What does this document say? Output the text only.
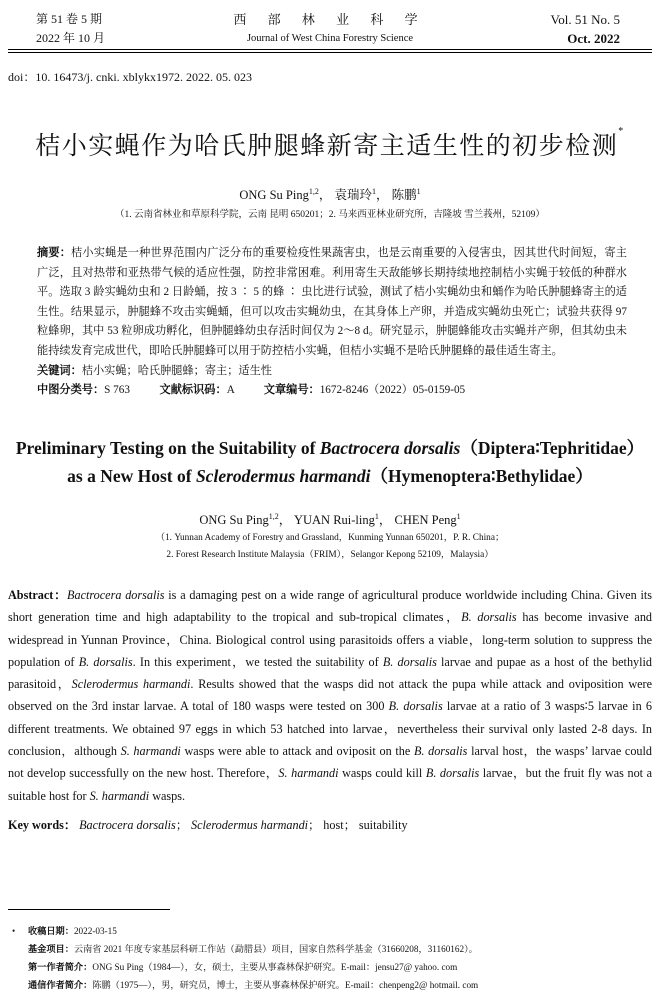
第 51 卷 5 期
2022 年 10 月
西 部 林 业 科 学
Journal of West China Forestry Science
Vol. 51 No. 5
Oct. 2022
doi：10. 16473/j. cnki. xblykx1972. 2022. 05. 023
桔小实蝇作为哈氏肿腿蜂新寄主适生性的初步检测*
ONG Su Ping$^{1,2}$， 袁瑞玲$^1$， 陈鹏$^1$
（1. 云南省林业和草原科学院，云南 昆明 650201；2. 马来西亚林业研究所，吉隆坡 雪兰莪州，52109）
摘要：桔小实蝇是一种世界范围内广泛分布的重要检疫性果蔬害虫，也是云南重要的入侵害虫，因其世代时间短，寄主广泛，且对热带和亚热带气候的适应性强，防控非常困难。利用寄生天敌能够长期持续地控制桔小实蝇于较低的种群水平。选取 3 龄实蝇幼虫和 2 日龄蛹，按 3 ∶ 5 的蜂 ∶ 虫比进行试验，测试了桔小实蝇幼虫和蛹作为哈氏肿腿蜂寄主的适生性。结果显示，肿腿蜂不攻击实蝇蛹，但可以攻击实蝇幼虫，在其身体上产卵，并造成实蝇幼虫死亡；试验共获得 97 粒蜂卵，其中 53 粒卵成功孵化，但肿腿蜂幼虫存活时间仅为 2～8 d。研究显示，肿腿蜂能攻击实蝇并产卵，但其幼虫未能持续发育完成世代，即哈氏肿腿蜂可以用于防控桔小实蝇，但桔小实蝇不是哈氏肿腿蜂的最佳适生寄主。
关键词：桔小实蝇；哈氏肿腿蜂；寄主；适生性
中图分类号：S 763	文献标识码：A	文章编号：1672-8246（2022）05-0159-05
Preliminary Testing on the Suitability of Bactrocera dorsalis（Diptera∶Tephritidae）
as a New Host of Sclerodermus harmandi（Hymenoptera∶Bethylidae）
ONG Su Ping$^{1,2}$， YUAN Rui-ling$^1$， CHEN Peng$^1$
（1. Yunnan Academy of Forestry and Grassland，Kunming Yunnan 650201，P. R. China；
2. Forest Research Institute Malaysia（FRIM），Selangor Kepong 52109，Malaysia）
Abstract：Bactrocera dorsalis is a damaging pest on a wide range of agricultural produce worldwide including China. Given its short generation time and high adaptability to the tropical and sub-tropical climates，B. dorsalis has become invasive and widespread in Yunnan Province，China. Biological control using parasitoids offers a viable，long-term solution to suppress the population of B. dorsalis. In this experiment，we tested the suitability of B. dorsalis larvae and pupae as a host of the bethylid parasitoid，Sclerodermus harmandi. Results showed that the wasps did not attack the pupa while attack and oviposition were observed on the 3rd instar larvae. A total of 180 wasps were tested on 300 B. dorsalis larvae at a ratio of 3 wasps∶5 larvae in 6 different treatments. We obtained 97 eggs in which 53 hatched into larvae，nevertheless their survival only lasted 2-8 days. In conclusion，although S. harmandi wasps were able to attack and oviposit on the B. dorsalis larval host，the wasps’ larvae could not develop successfully on the new host. Therefore，S. harmandi wasps could kill B. dorsalis larvae，but the fruit fly was not a suitable host for S. harmandi wasps.
Key words： Bactrocera dorsalis； Sclerodermus harmandi； host； suitability
• 收稿日期：2022-03-15
基金项目：云南省 2021 年度专家基层科研工作站（勐腊县）项目，国家自然科学基金（31660208，31160162）。
第一作者简介：ONG Su Ping（1984—），女，硕士，主要从事森林保护研究。E-mail：jensu27@ yahoo. com
通信作者简介：陈鹏（1975—），男，研究员，博士，主要从事森林保护研究。E-mail：chenpeng2@ hotmail. com
